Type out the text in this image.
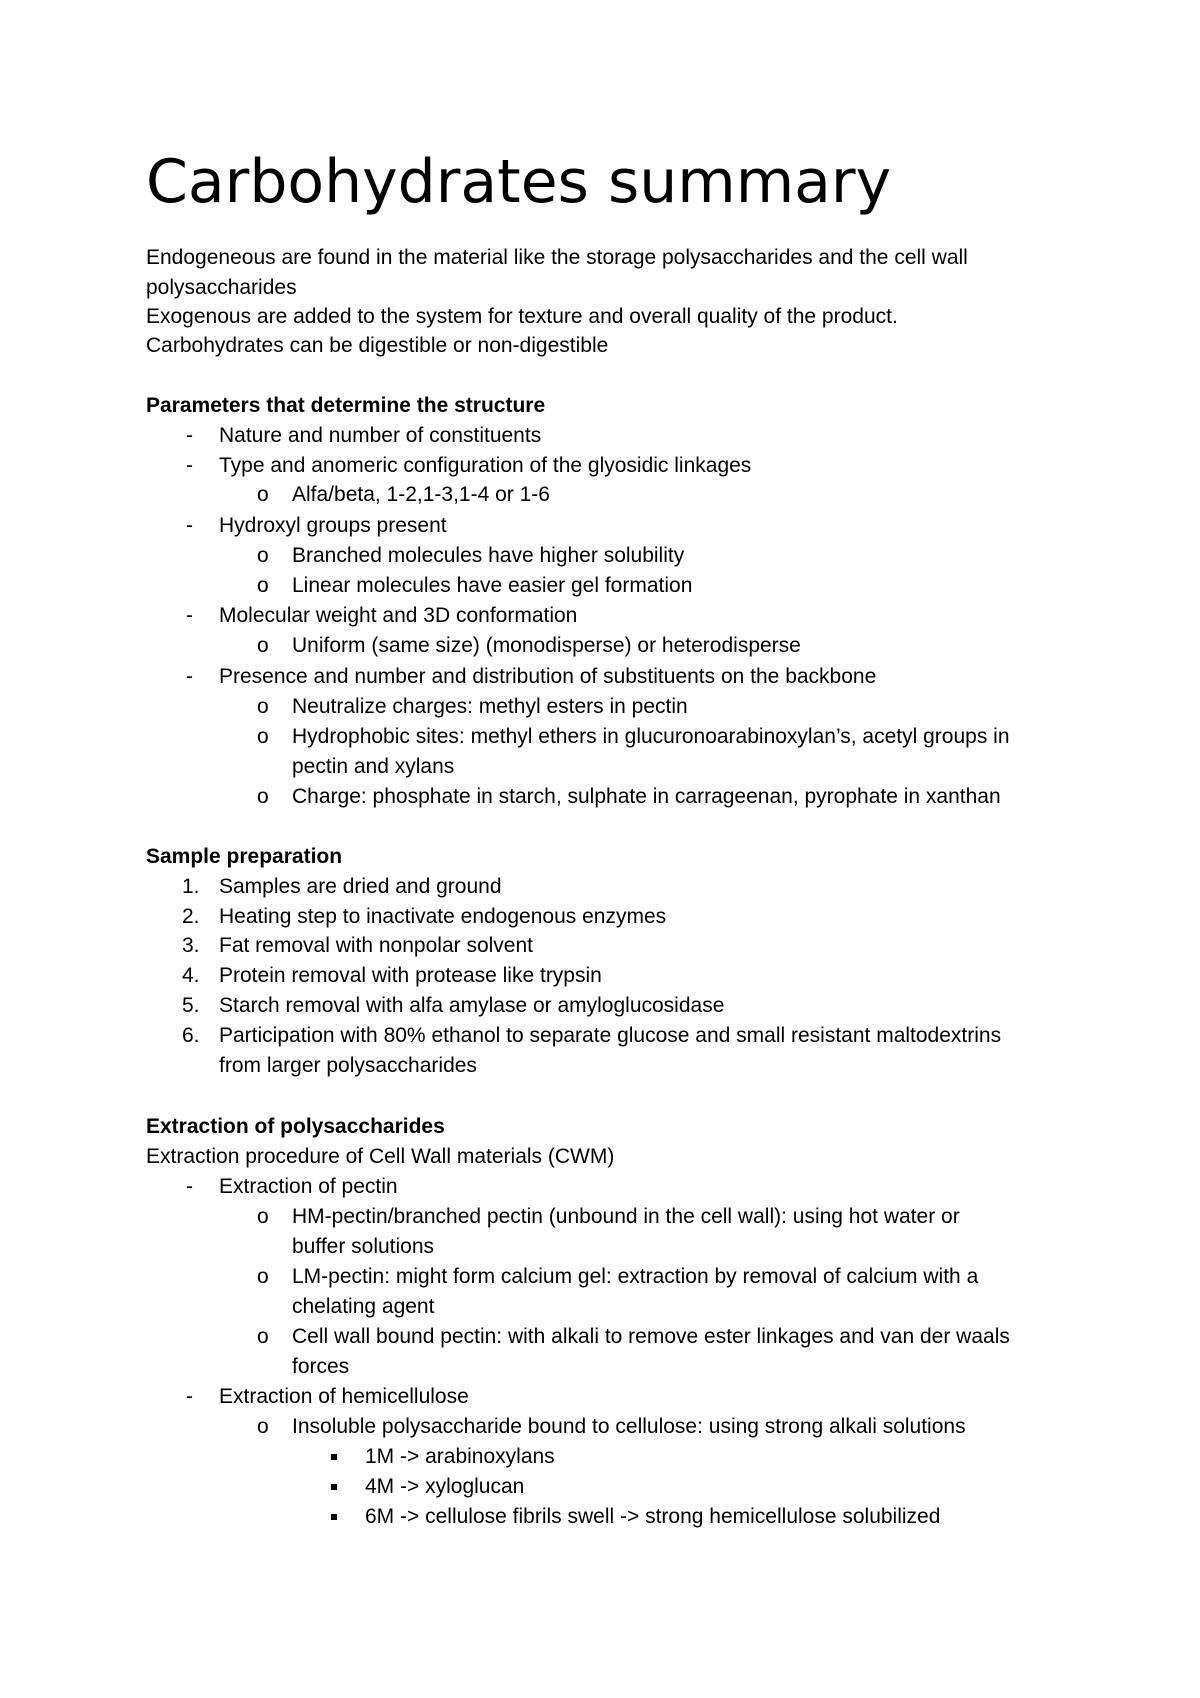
Carbohydrates summary
Endogeneous are found in the material like the storage polysaccharides and the cell wall
polysaccharides
Exogenous are added to the system for texture and overall quality of the product.
Carbohydrates can be digestible or non-digestible
Parameters that determine the structure
- Nature and number of constituents
- Type and anomeric configuration of the glyosidic linkages
o Alfa/beta, 1-2,1-3,1-4 or 1-6
- Hydroxyl groups present
o Branched molecules have higher solubility
o Linear molecules have easier gel formation
- Molecular weight and 3D conformation
o Uniform (same size) (monodisperse) or heterodisperse
- Presence and number and distribution of substituents on the backbone
o Neutralize charges: methyl esters in pectin
o Hydrophobic sites: methyl ethers in glucuronoarabinoxylan’s, acetyl groups in
pectin and xylans
o Charge: phosphate in starch, sulphate in carrageenan, pyrophate in xanthan
Sample preparation
1. Samples are dried and ground
2. Heating step to inactivate endogenous enzymes
3. Fat removal with nonpolar solvent
4. Protein removal with protease like trypsin
5. Starch removal with alfa amylase or amyloglucosidase
6. Participation with 80% ethanol to separate glucose and small resistant maltodextrins
from larger polysaccharides
Extraction of polysaccharides
Extraction procedure of Cell Wall materials (CWM)
- Extraction of pectin
o HM-pectin/branched pectin (unbound in the cell wall): using hot water or
buffer solutions
o LM-pectin: might form calcium gel: extraction by removal of calcium with a
chelating agent
o Cell wall bound pectin: with alkali to remove ester linkages and van der waals
forces
- Extraction of hemicellulose
o Insoluble polysaccharide bound to cellulose: using strong alkali solutions
1M -> arabinoxylans
4M -> xyloglucan
6M -> cellulose fibrils swell -> strong hemicellulose solubilized
